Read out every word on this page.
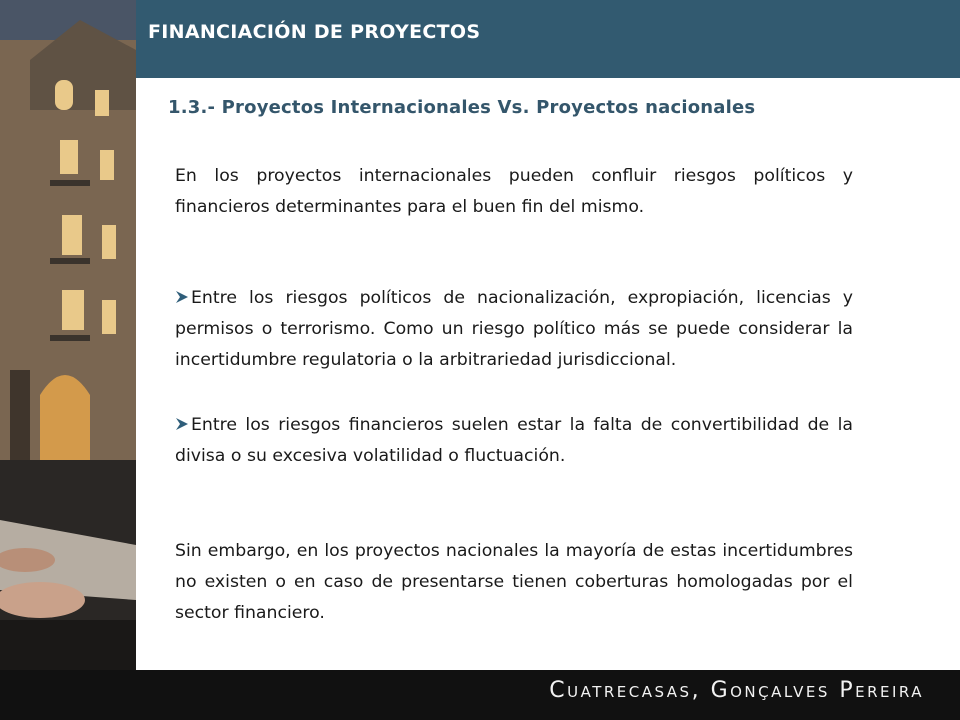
FINANCIACIÓN DE PROYECTOS
1.3.- Proyectos Internacionales Vs. Proyectos nacionales

En los proyectos internacionales pueden confluir riesgos políticos y financieros determinantes para el buen fin del mismo.

Entre los riesgos políticos de nacionalización, expropiación, licencias y permisos o terrorismo. Como un riesgo político más se puede considerar la incertidumbre regulatoria o la arbitrariedad jurisdiccional.

Entre los riesgos financieros suelen estar la falta de convertibilidad de la divisa o su excesiva volatilidad o fluctuación.

Sin embargo, en los proyectos nacionales la mayoría de estas incertidumbres no existen o en caso de presentarse tienen coberturas homologadas por el sector financiero.

Cuatrecasas, Gonçalves Pereira
